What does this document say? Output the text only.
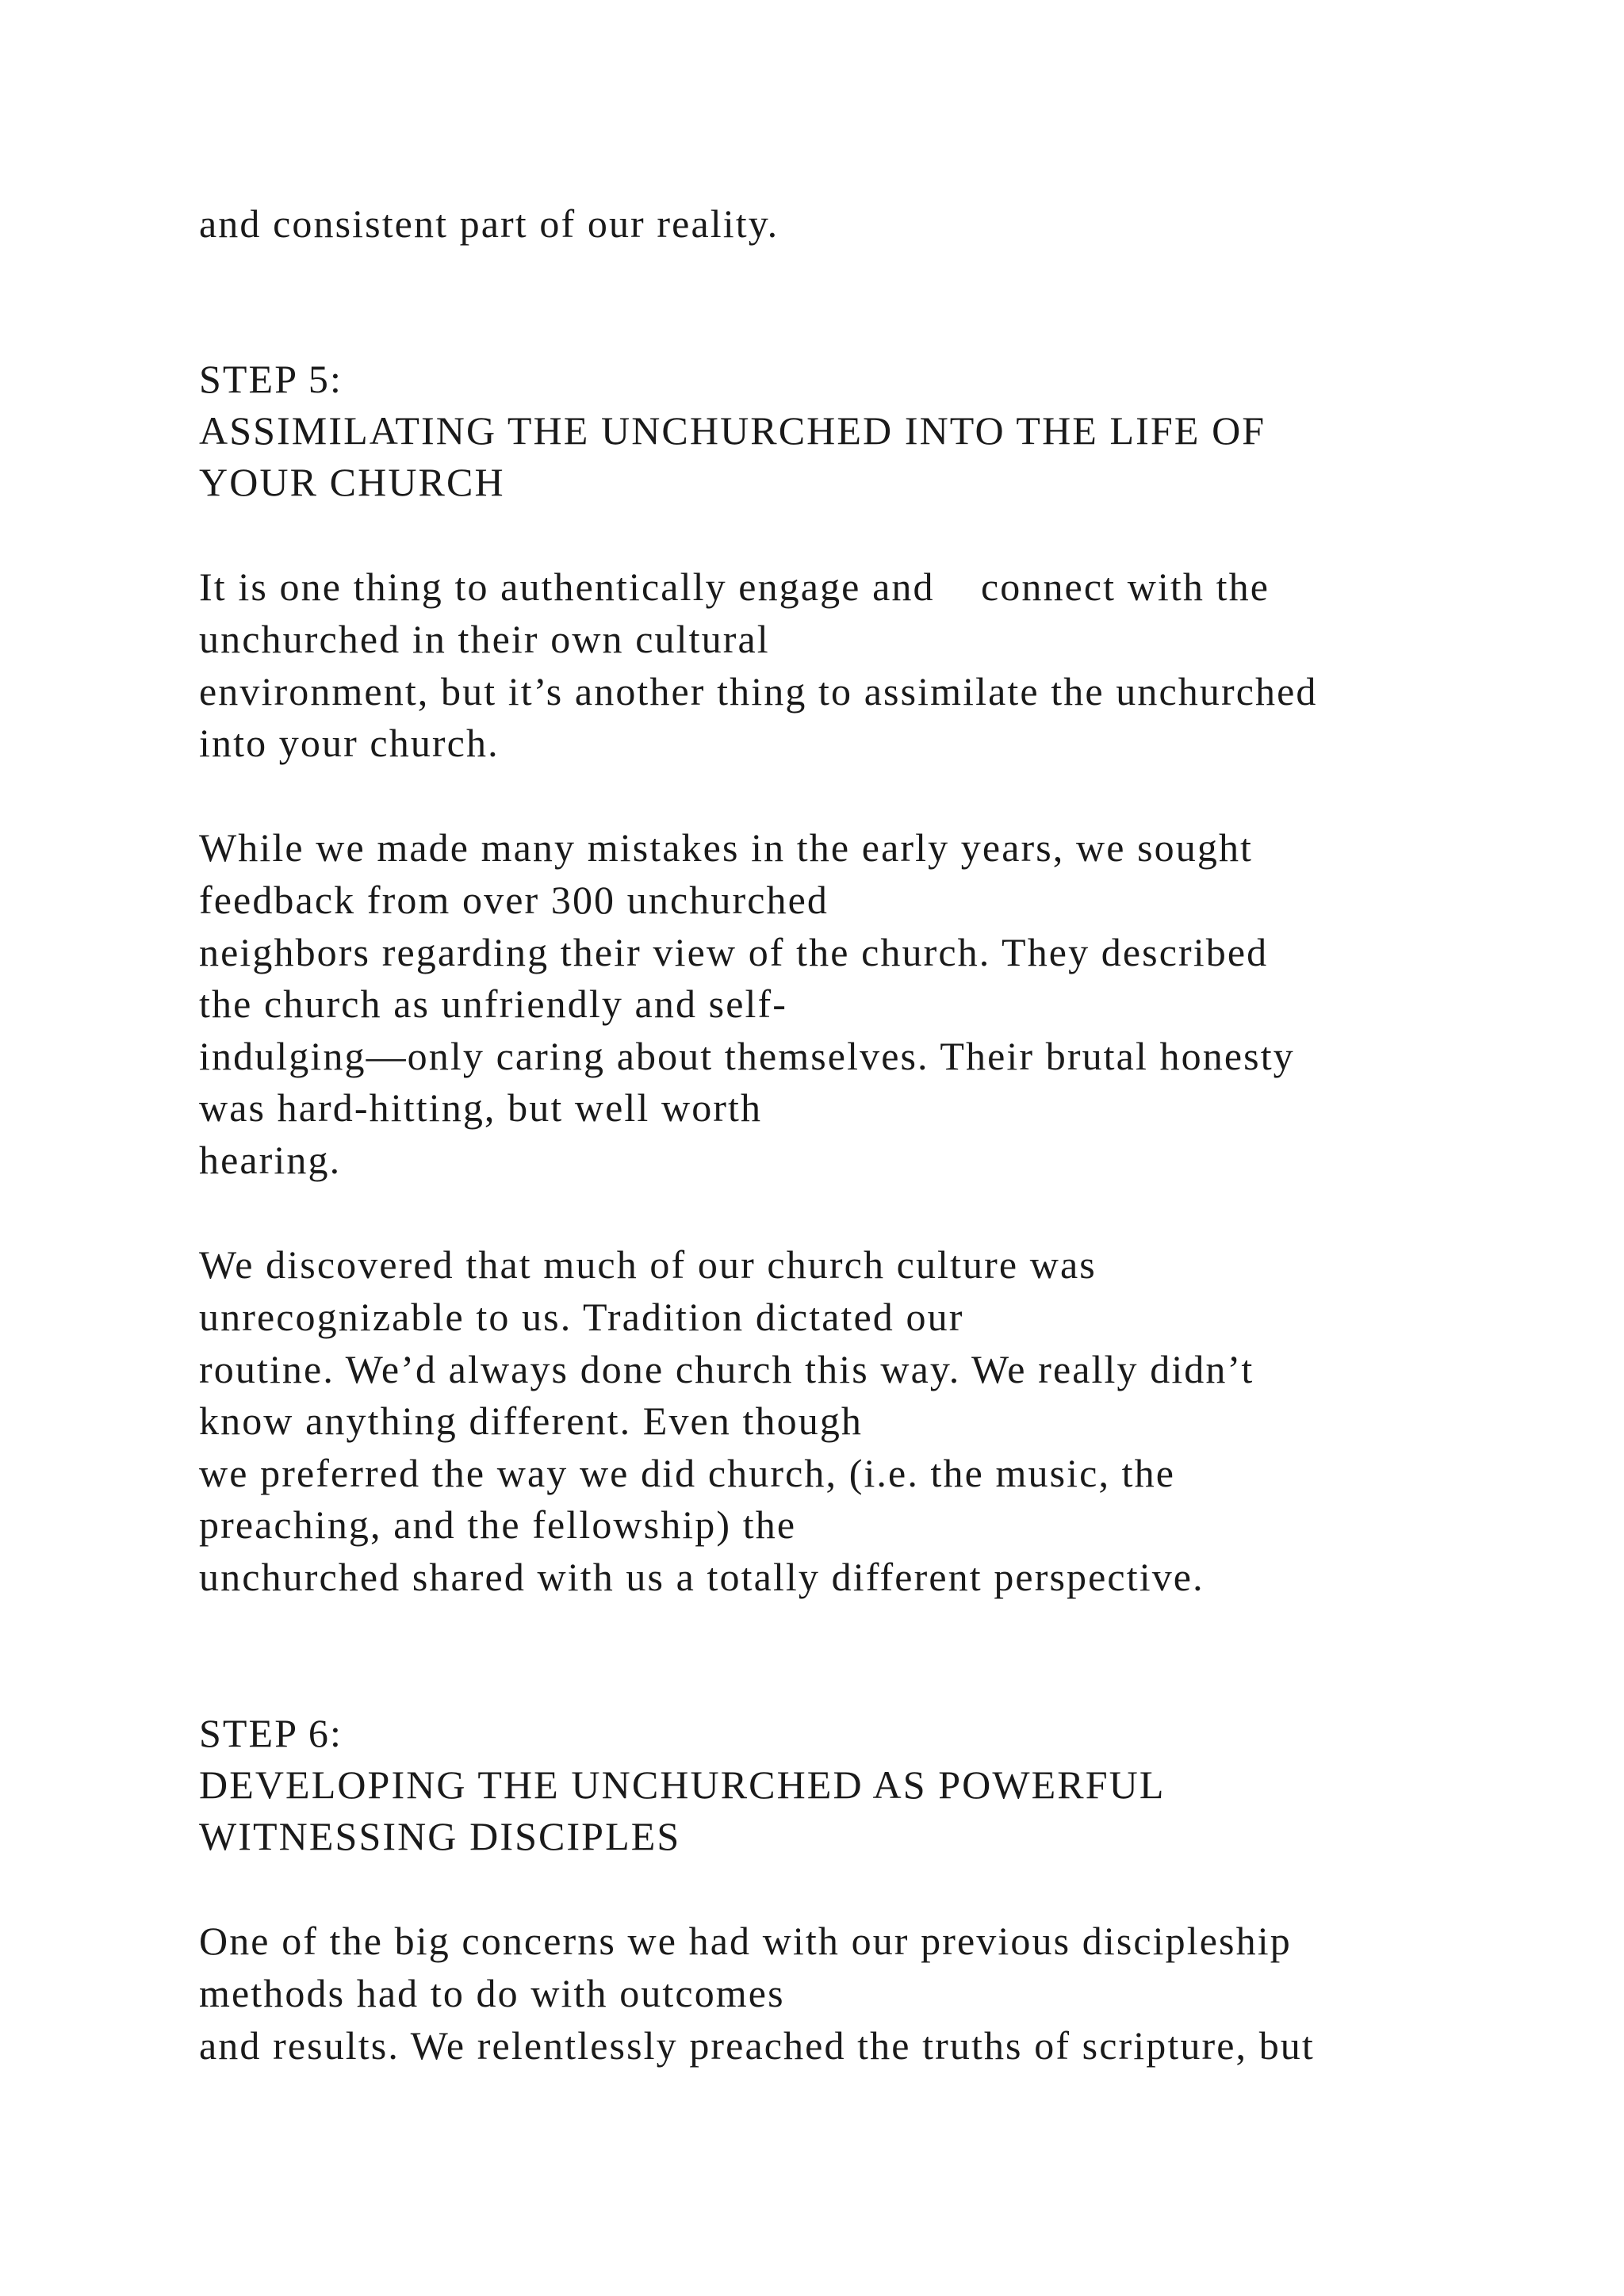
and consistent part of our reality.

STEP 5:

ASSIMILATING THE UNCHURCHED INTO THE LIFE OF

YOUR CHURCH

It is one thing to authentically engage and    connect with the

unchurched in their own cultural

environment, but it’s another thing to assimilate the unchurched

into your church.

While we made many mistakes in the early years, we sought

feedback from over 300 unchurched

neighbors regarding their view of the church. They described

the church as unfriendly and self-

indulging—only caring about themselves. Their brutal honesty

was hard-hitting, but well worth

hearing.

We discovered that much of our church culture was

unrecognizable to us. Tradition dictated our

routine. We’d always done church this way. We really didn’t

know anything different. Even though

we preferred the way we did church, (i.e. the music, the

preaching, and the fellowship) the

unchurched shared with us a totally different perspective.

STEP 6:

DEVELOPING THE UNCHURCHED AS POWERFUL

WITNESSING DISCIPLES

One of the big concerns we had with our previous discipleship

methods had to do with outcomes

and results. We relentlessly preached the truths of scripture, but
